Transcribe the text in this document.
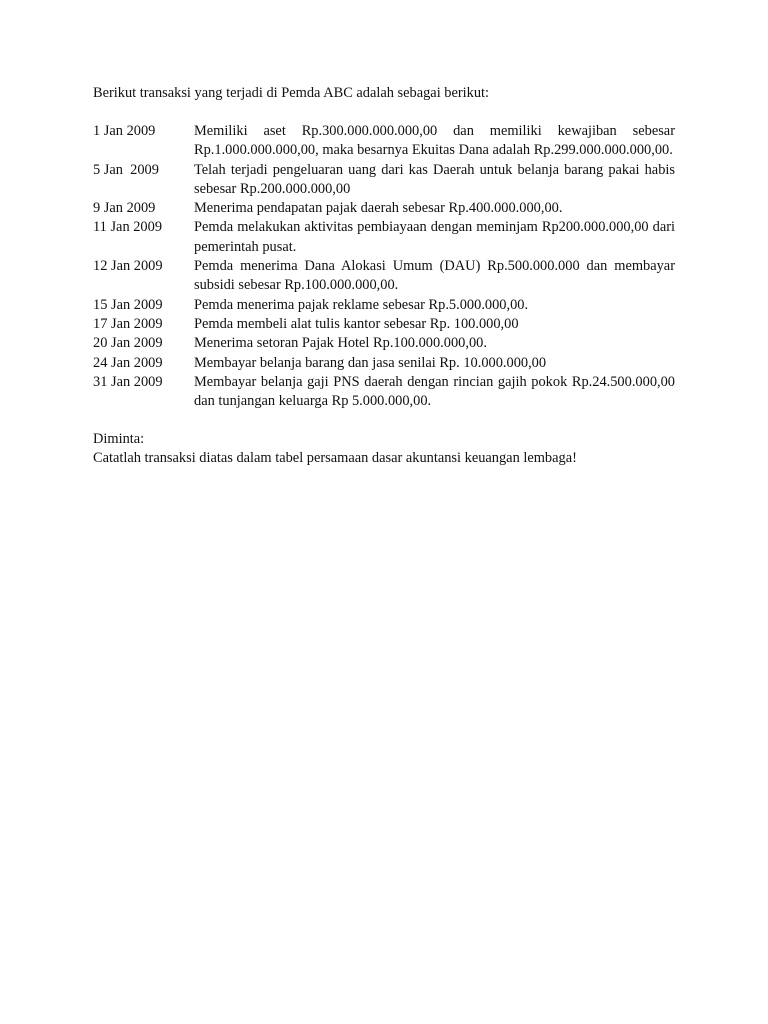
Berikut transaksi yang terjadi di Pemda ABC adalah sebagai berikut:

1 Jan 2009	Memiliki aset Rp.300.000.000.000,00 dan memiliki kewajiban sebesar Rp.1.000.000.000,00, maka besarnya Ekuitas Dana adalah Rp.299.000.000.000,00.
5 Jan  2009	Telah terjadi pengeluaran uang dari kas Daerah untuk belanja barang pakai habis sebesar Rp.200.000.000,00
9 Jan 2009	Menerima pendapatan pajak daerah sebesar Rp.400.000.000,00.
11 Jan 2009	Pemda melakukan aktivitas pembiayaan dengan meminjam Rp200.000.000,00 dari pemerintah pusat.
12 Jan 2009	Pemda menerima Dana Alokasi Umum (DAU) Rp.500.000.000 dan membayar subsidi sebesar Rp.100.000.000,00.
15 Jan 2009	Pemda menerima pajak reklame sebesar Rp.5.000.000,00.
17 Jan 2009	Pemda membeli alat tulis kantor sebesar Rp. 100.000,00
20 Jan 2009	Menerima setoran Pajak Hotel Rp.100.000.000,00.
24 Jan 2009	Membayar belanja barang dan jasa senilai Rp. 10.000.000,00
31 Jan 2009	Membayar belanja gaji PNS daerah dengan rincian gajih pokok Rp.24.500.000,00 dan tunjangan keluarga Rp 5.000.000,00.
Diminta:
Catatlah transaksi diatas dalam tabel persamaan dasar akuntansi keuangan lembaga!
